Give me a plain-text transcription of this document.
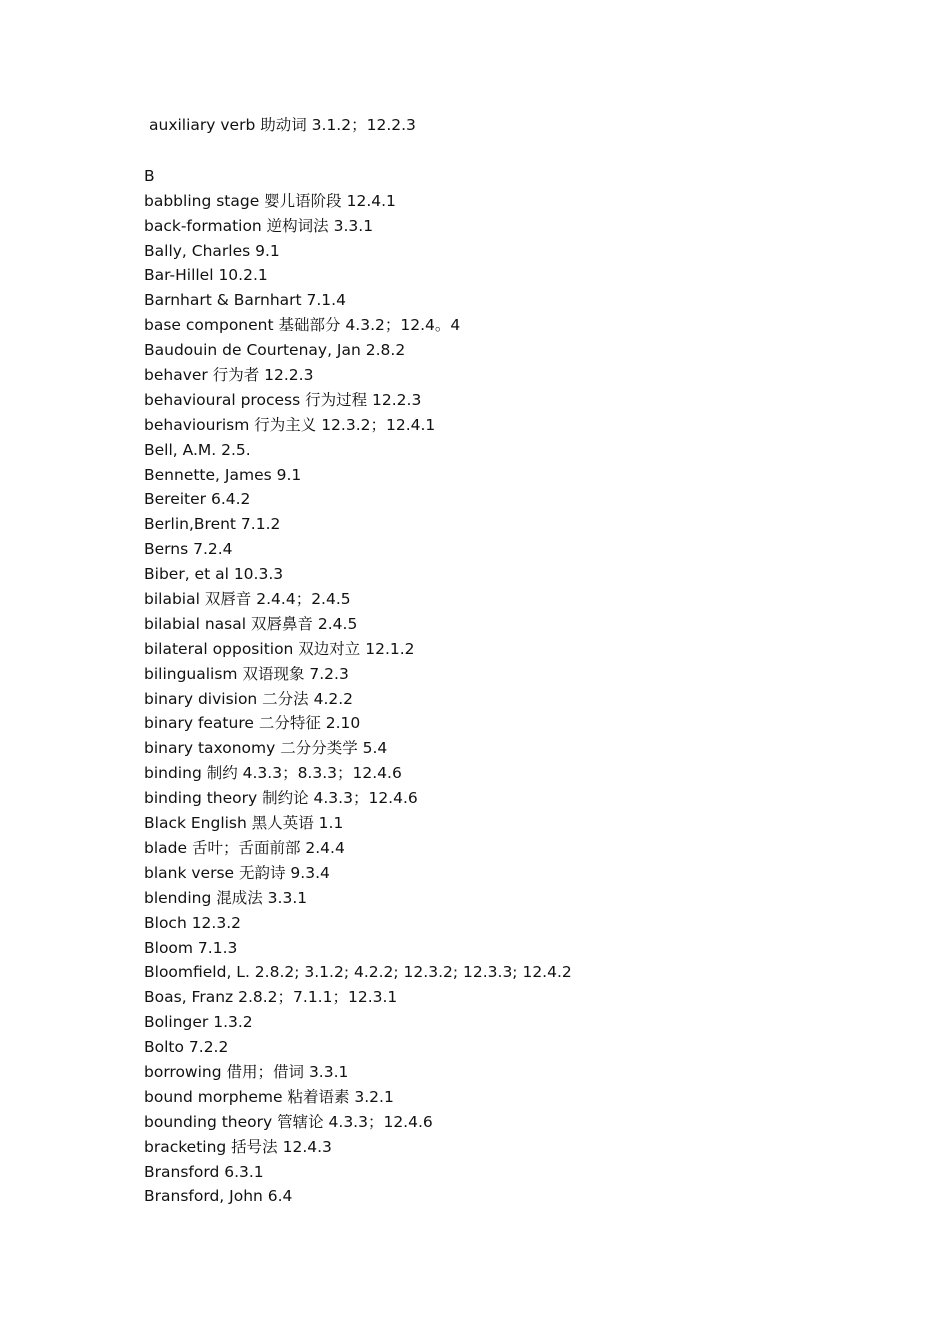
auxiliary verb 助动词 3.1.2；12.2.3
B
babbling stage 婴儿语阶段 12.4.1
back-formation 逆构词法 3.3.1
Bally, Charles 9.1
Bar-Hillel 10.2.1
Barnhart & Barnhart 7.1.4
base component 基础部分 4.3.2；12.4。4
Baudouin de Courtenay, Jan 2.8.2
behaver 行为者 12.2.3
behavioural process 行为过程 12.2.3
behaviourism 行为主义 12.3.2；12.4.1
Bell, A.M. 2.5.
Bennette, James 9.1
Bereiter 6.4.2
Berlin,Brent 7.1.2
Berns 7.2.4
Biber, et al 10.3.3
bilabial 双唇音 2.4.4；2.4.5
bilabial nasal 双唇鼻音 2.4.5
bilateral opposition 双边对立 12.1.2
bilingualism 双语现象 7.2.3
binary division 二分法 4.2.2
binary feature 二分特征 2.10
binary taxonomy 二分分类学 5.4
binding 制约 4.3.3；8.3.3；12.4.6
binding theory 制约论 4.3.3；12.4.6
Black English 黑人英语 1.1
blade 舌叶；舌面前部 2.4.4
blank verse 无韵诗 9.3.4
blending 混成法 3.3.1
Bloch 12.3.2
Bloom 7.1.3
Bloomfield, L. 2.8.2; 3.1.2; 4.2.2; 12.3.2; 12.3.3; 12.4.2
Boas, Franz 2.8.2；7.1.1；12.3.1
Bolinger 1.3.2
Bolto 7.2.2
borrowing 借用；借词 3.3.1
bound morpheme 粘着语素 3.2.1
bounding theory 管辖论 4.3.3；12.4.6
bracketing 括号法 12.4.3
Bransford 6.3.1
Bransford, John 6.4
